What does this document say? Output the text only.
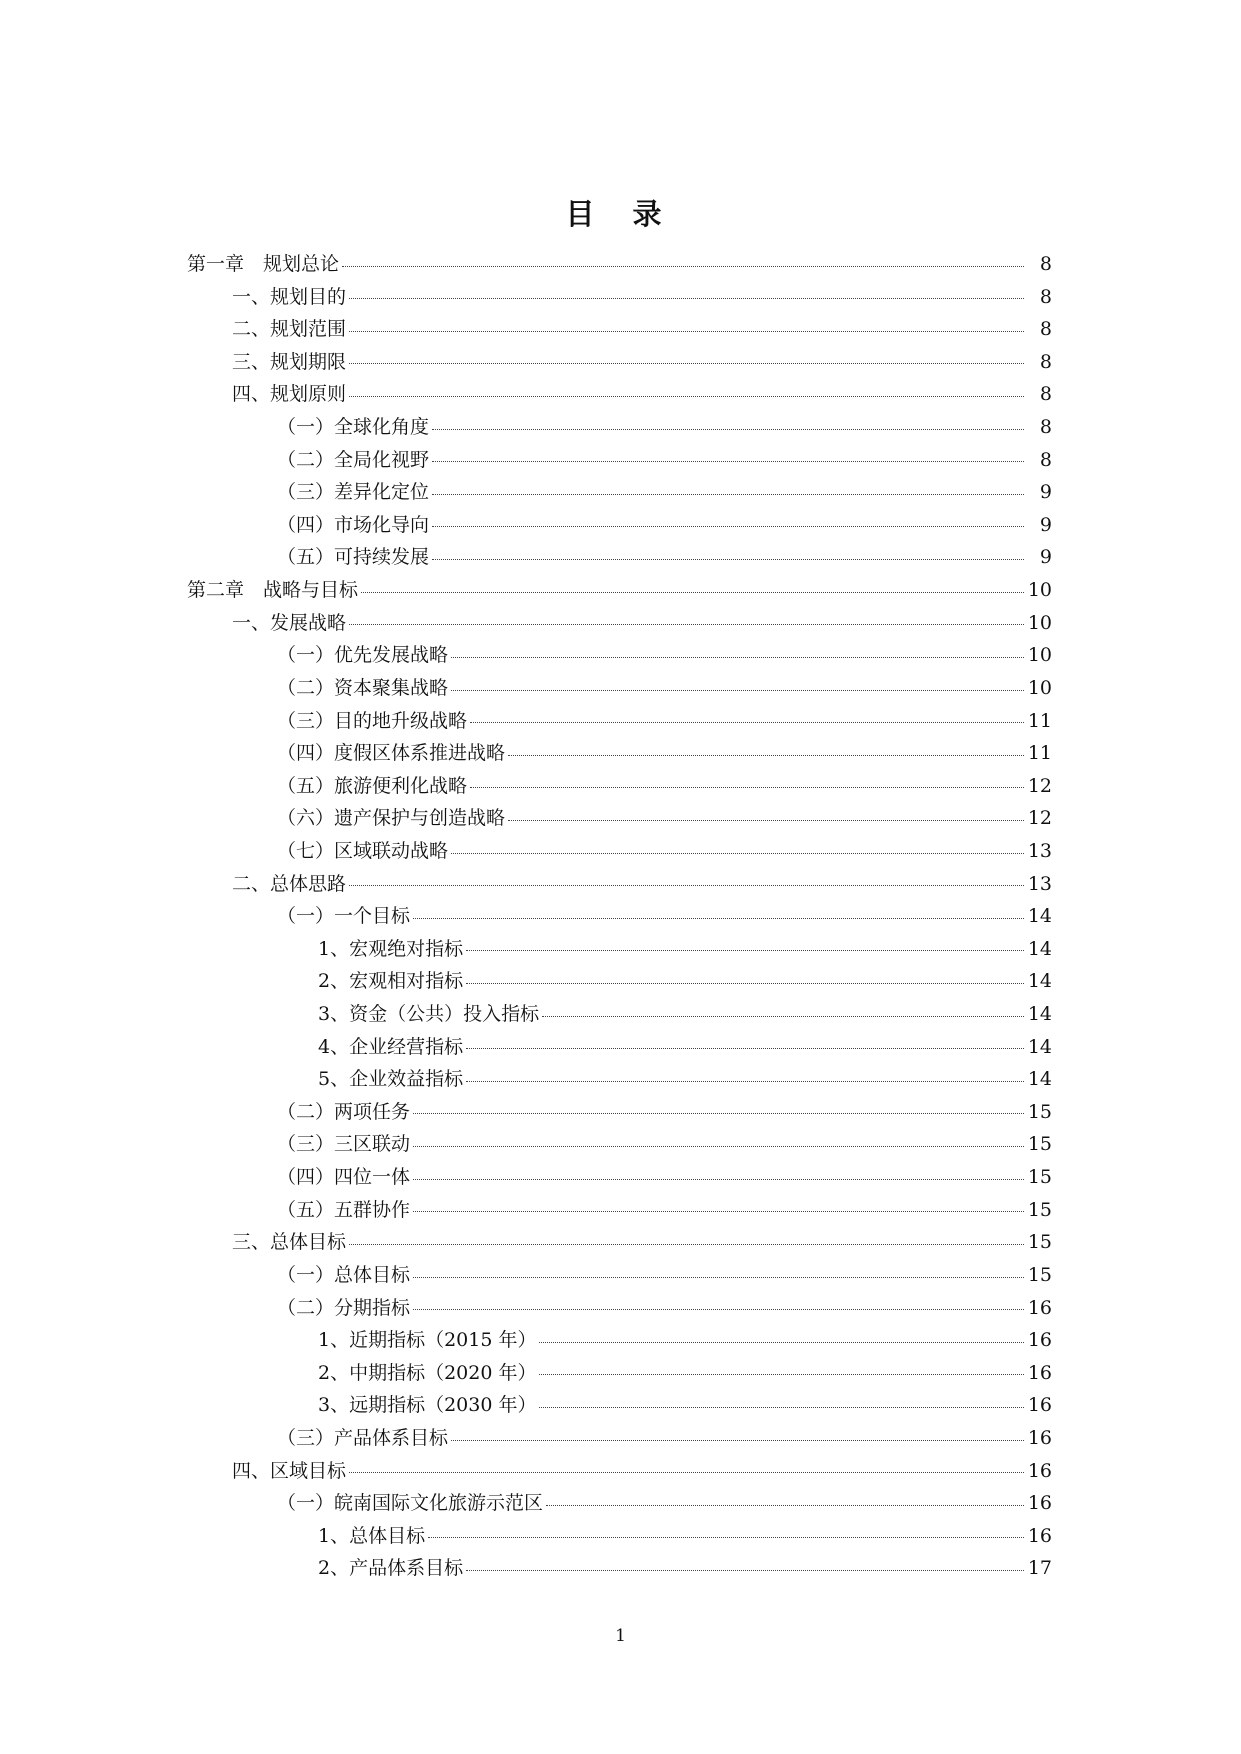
目 录
第一章　规划总论	8
一、规划目的	8
二、规划范围	8
三、规划期限	8
四、规划原则	8
（一）全球化角度	8
（二）全局化视野	8
（三）差异化定位	9
（四）市场化导向	9
（五）可持续发展	9
第二章　战略与目标	10
一、发展战略	10
（一）优先发展战略	10
（二）资本聚集战略	10
（三）目的地升级战略	11
（四）度假区体系推进战略	11
（五）旅游便利化战略	12
（六）遗产保护与创造战略	12
（七）区域联动战略	13
二、总体思路	13
（一）一个目标	14
1、宏观绝对指标	14
2、宏观相对指标	14
3、资金（公共）投入指标	14
4、企业经营指标	14
5、企业效益指标	14
（二）两项任务	15
（三）三区联动	15
（四）四位一体	15
（五）五群协作	15
三、总体目标	15
（一）总体目标	15
（二）分期指标	16
1、近期指标（2015 年）	16
2、中期指标（2020 年）	16
3、远期指标（2030 年）	16
（三）产品体系目标	16
四、区域目标	16
（一）皖南国际文化旅游示范区	16
1、总体目标	16
2、产品体系目标	17
1
